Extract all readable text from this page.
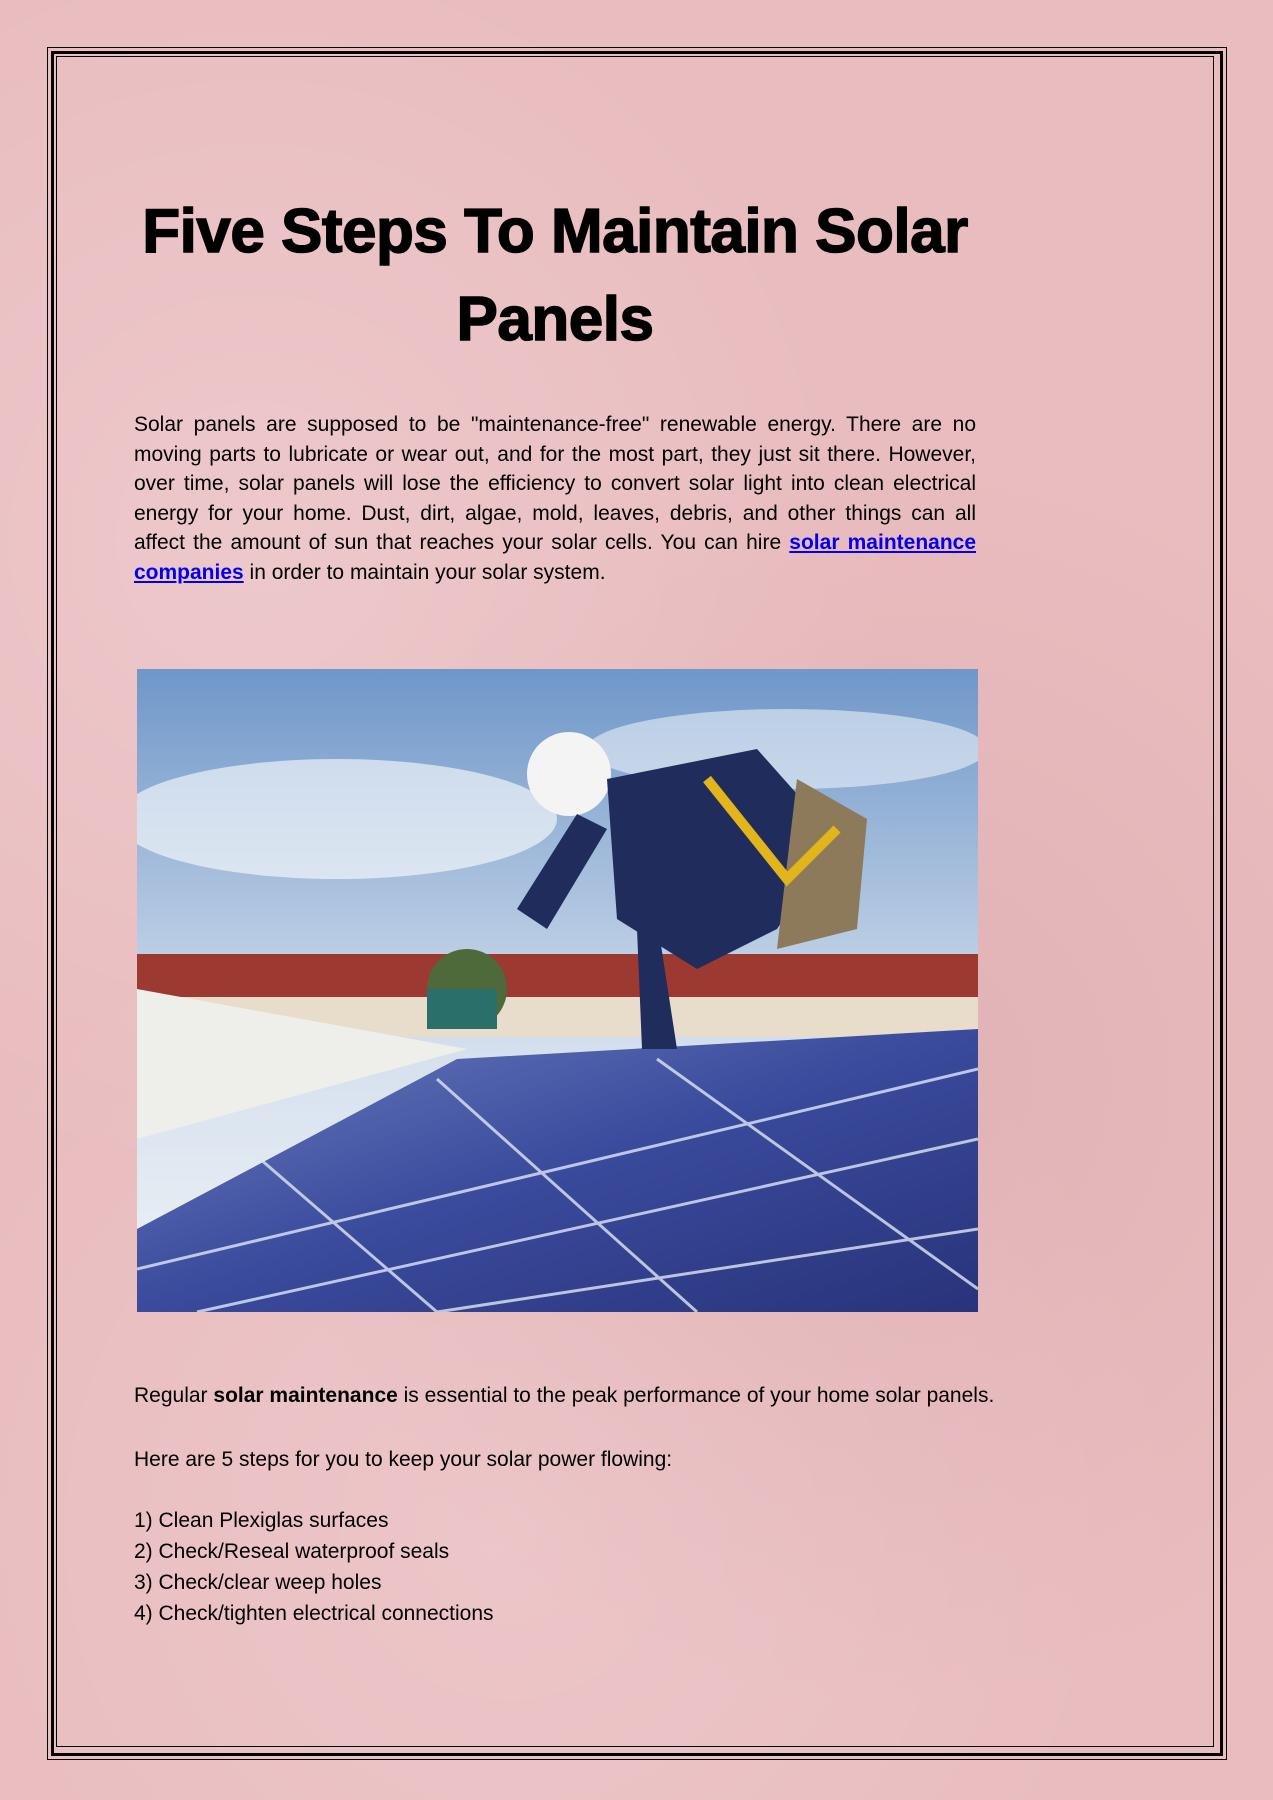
Five Steps To Maintain Solar Panels

Solar panels are supposed to be "maintenance-free" renewable energy. There are no moving parts to lubricate or wear out, and for the most part, they just sit there. However, over time, solar panels will lose the efficiency to convert solar light into clean electrical energy for your home. Dust, dirt, algae, mold, leaves, debris, and other things can all affect the amount of sun that reaches your solar cells. You can hire solar maintenance companies in order to maintain your solar system.

Regular solar maintenance is essential to the peak performance of your home solar panels.

Here are 5 steps for you to keep your solar power flowing:

1) Clean Plexiglas surfaces
2) Check/Reseal waterproof seals
3) Check/clear weep holes
4) Check/tighten electrical connections
